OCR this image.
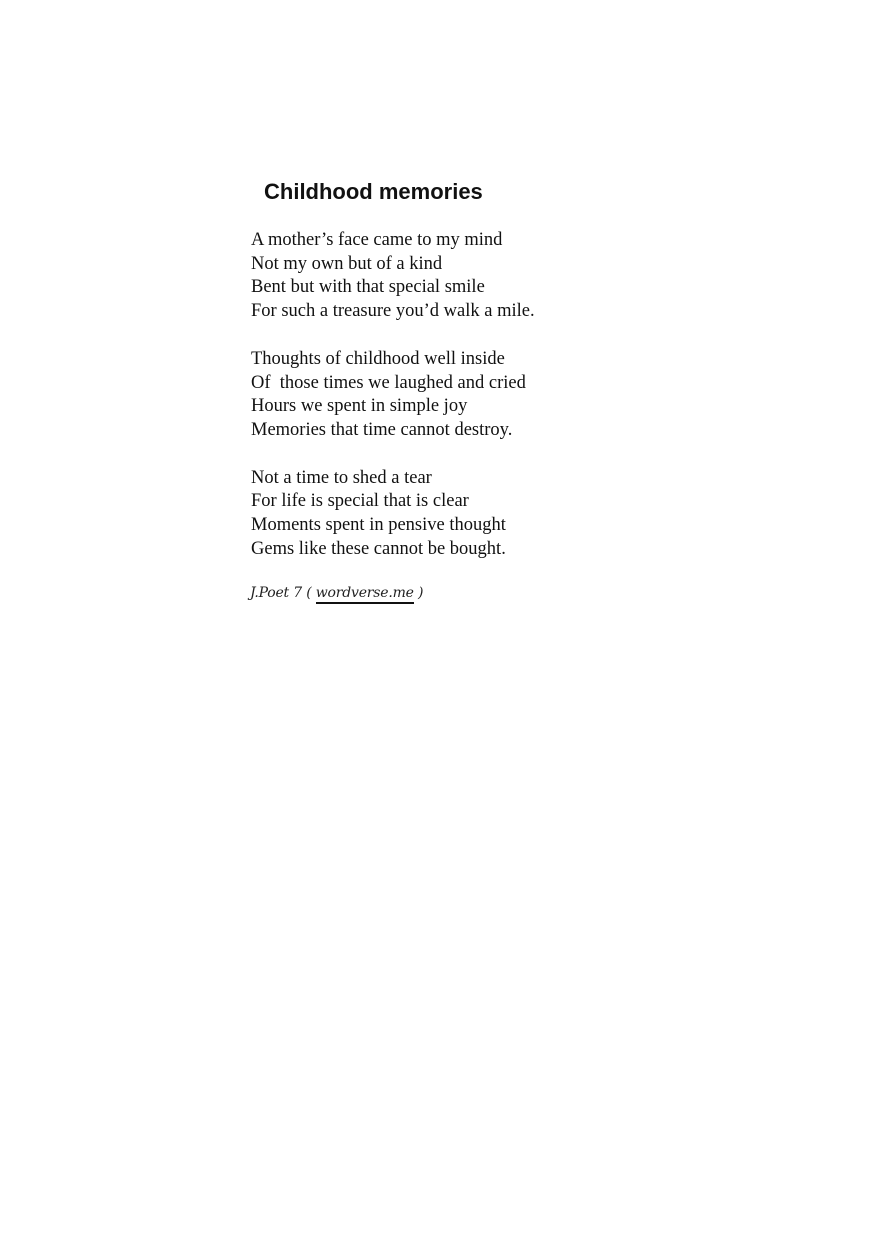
Childhood memories
A mother’s face came to my mind
Not my own but of a kind
Bent but with that special smile
For such a treasure you’d walk a mile.
Thoughts of childhood well inside
Of  those times we laughed and cried
Hours we spent in simple joy
Memories that time cannot destroy.
Not a time to shed a tear
For life is special that is clear
Moments spent in pensive thought
Gems like these cannot be bought.
J.Poet 7 ( wordverse.me )
